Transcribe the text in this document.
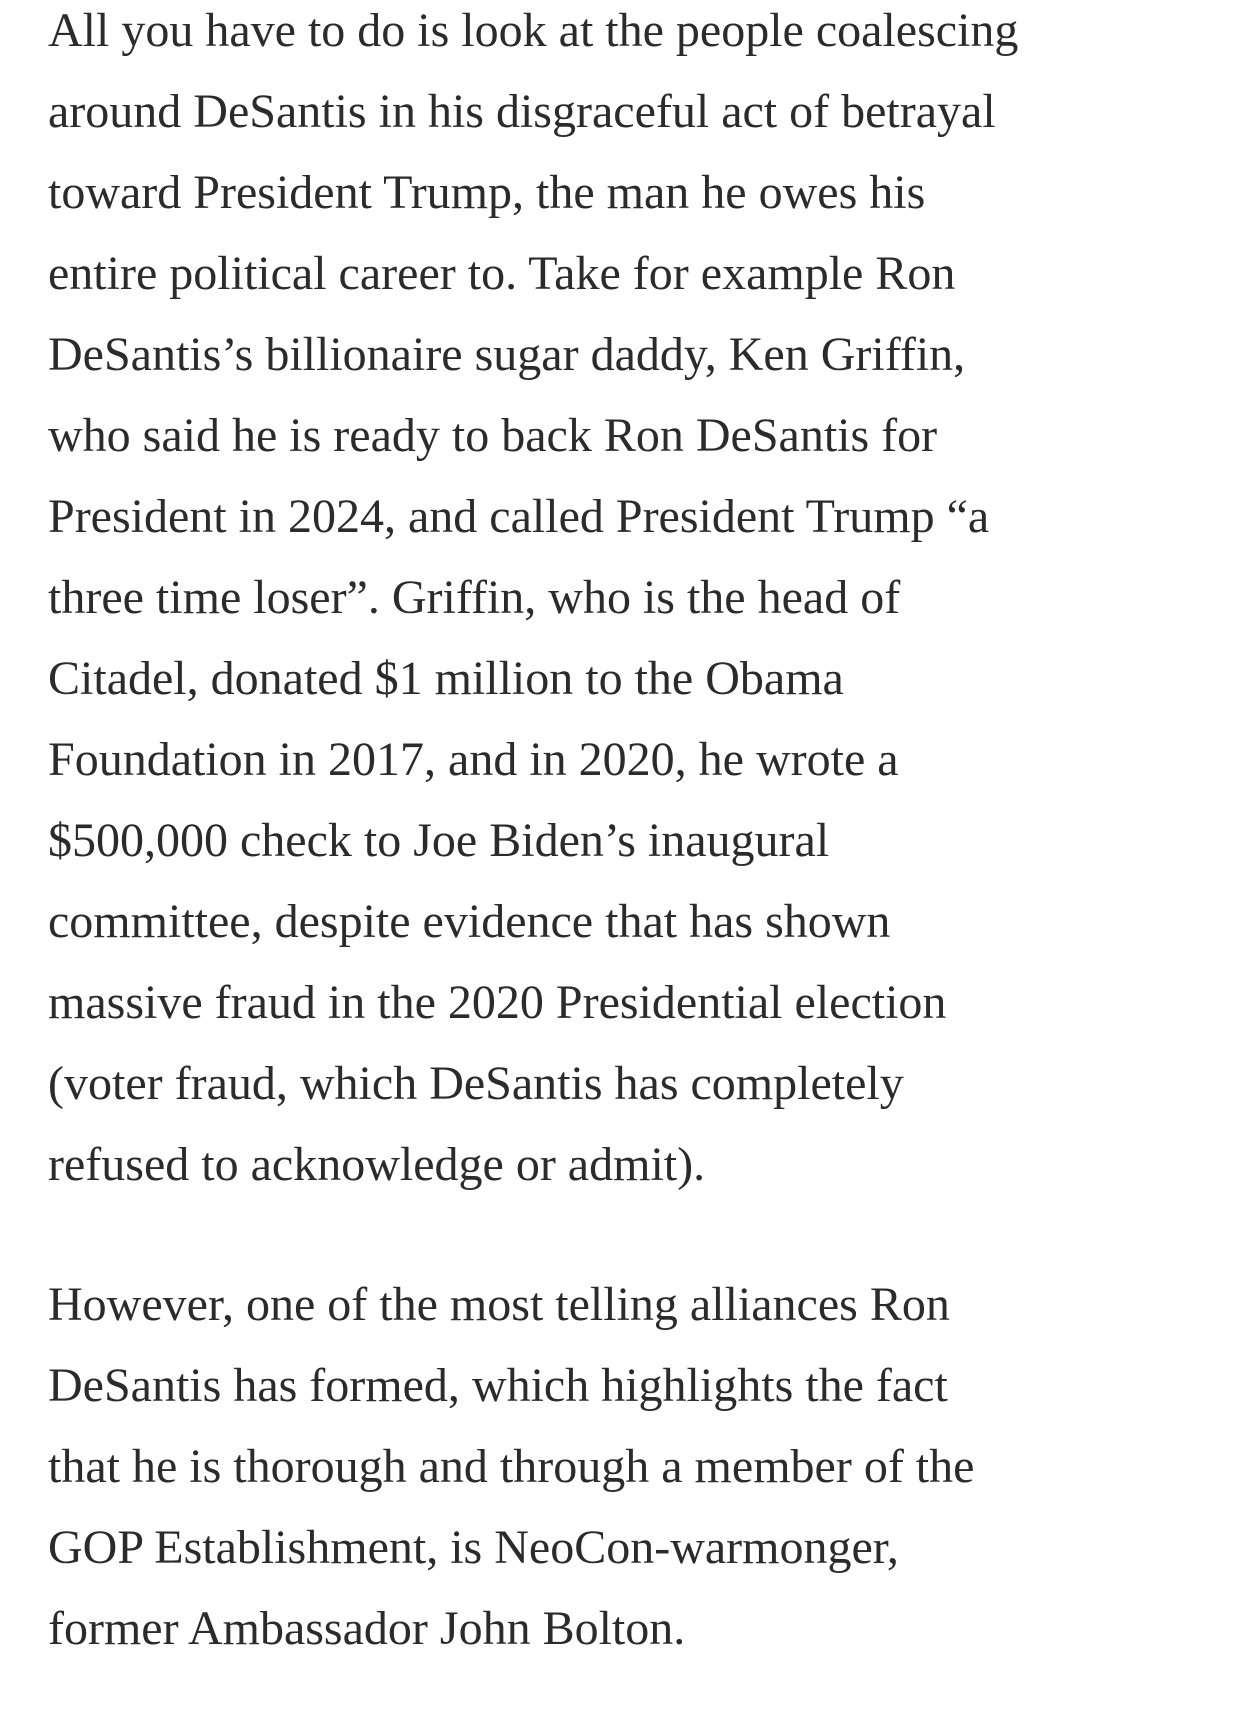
All you have to do is look at the people coalescing
around DeSantis in his disgraceful act of betrayal
toward President Trump, the man he owes his
entire political career to. Take for example Ron
DeSantis’s billionaire sugar daddy, Ken Griffin,
who said he is ready to back Ron DeSantis for
President in 2024, and called President Trump “a
three time loser”. Griffin, who is the head of
Citadel, donated $1 million to the Obama
Foundation in 2017, and in 2020, he wrote a
$500,000 check to Joe Biden’s inaugural
committee, despite evidence that has shown
massive fraud in the 2020 Presidential election
(voter fraud, which DeSantis has completely
refused to acknowledge or admit).
However, one of the most telling alliances Ron
DeSantis has formed, which highlights the fact
that he is thorough and through a member of the
GOP Establishment, is NeoCon-warmonger,
former Ambassador John Bolton.
